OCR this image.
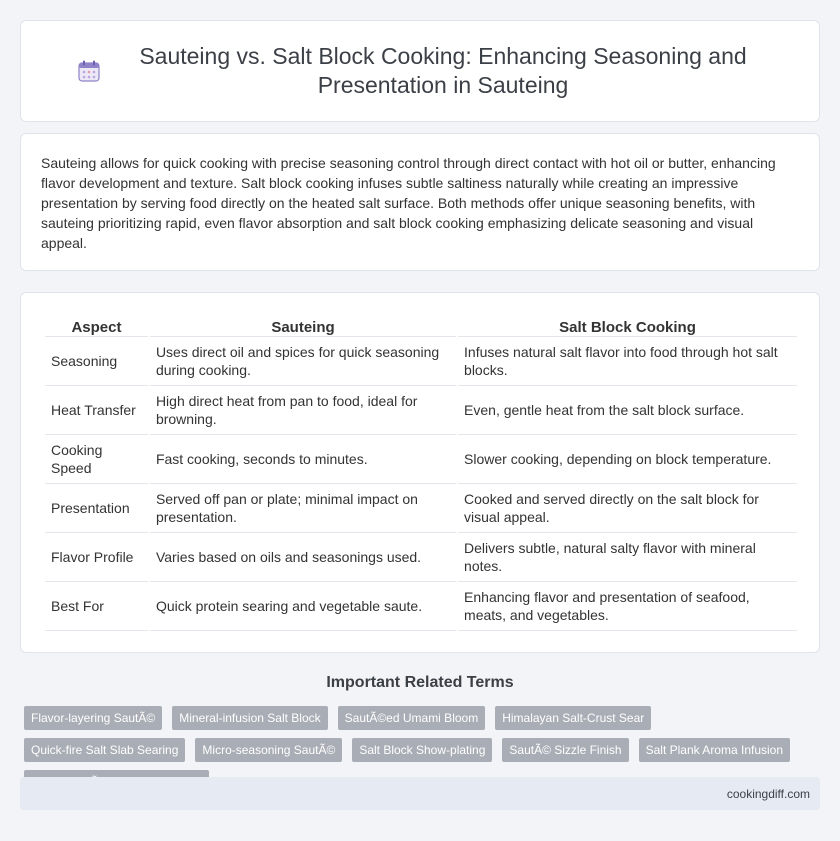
Sauteing vs. Salt Block Cooking: Enhancing Seasoning and Presentation in Sauteing

Sauteing allows for quick cooking with precise seasoning control through direct contact with hot oil or butter, enhancing flavor development and texture. Salt block cooking infuses subtle saltiness naturally while creating an impressive presentation by serving food directly on the heated salt surface. Both methods offer unique seasoning benefits, with sauteing prioritizing rapid, even flavor absorption and salt block cooking emphasizing delicate seasoning and visual appeal.

Aspect	Sauteing	Salt Block Cooking
Seasoning	Uses direct oil and spices for quick seasoning during cooking.	Infuses natural salt flavor into food through hot salt blocks.
Heat Transfer	High direct heat from pan to food, ideal for browning.	Even, gentle heat from the salt block surface.
Cooking Speed	Fast cooking, seconds to minutes.	Slower cooking, depending on block temperature.
Presentation	Served off pan or plate; minimal impact on presentation.	Cooked and served directly on the salt block for visual appeal.
Flavor Profile	Varies based on oils and seasonings used.	Delivers subtle, natural salty flavor with mineral notes.
Best For	Quick protein searing and vegetable saute.	Enhancing flavor and presentation of seafood, meats, and vegetables.
Important Related Terms
Flavor-layering SautÃ©	Mineral-infusion Salt Block	SautÃ©ed Umami Bloom	Himalayan Salt-Crust Sear
Quick-fire Salt Slab Searing	Micro-seasoning SautÃ©	Salt Block Show-plating	SautÃ© Sizzle Finish	Salt Plank Aroma Infusion
cookingdiff.com
